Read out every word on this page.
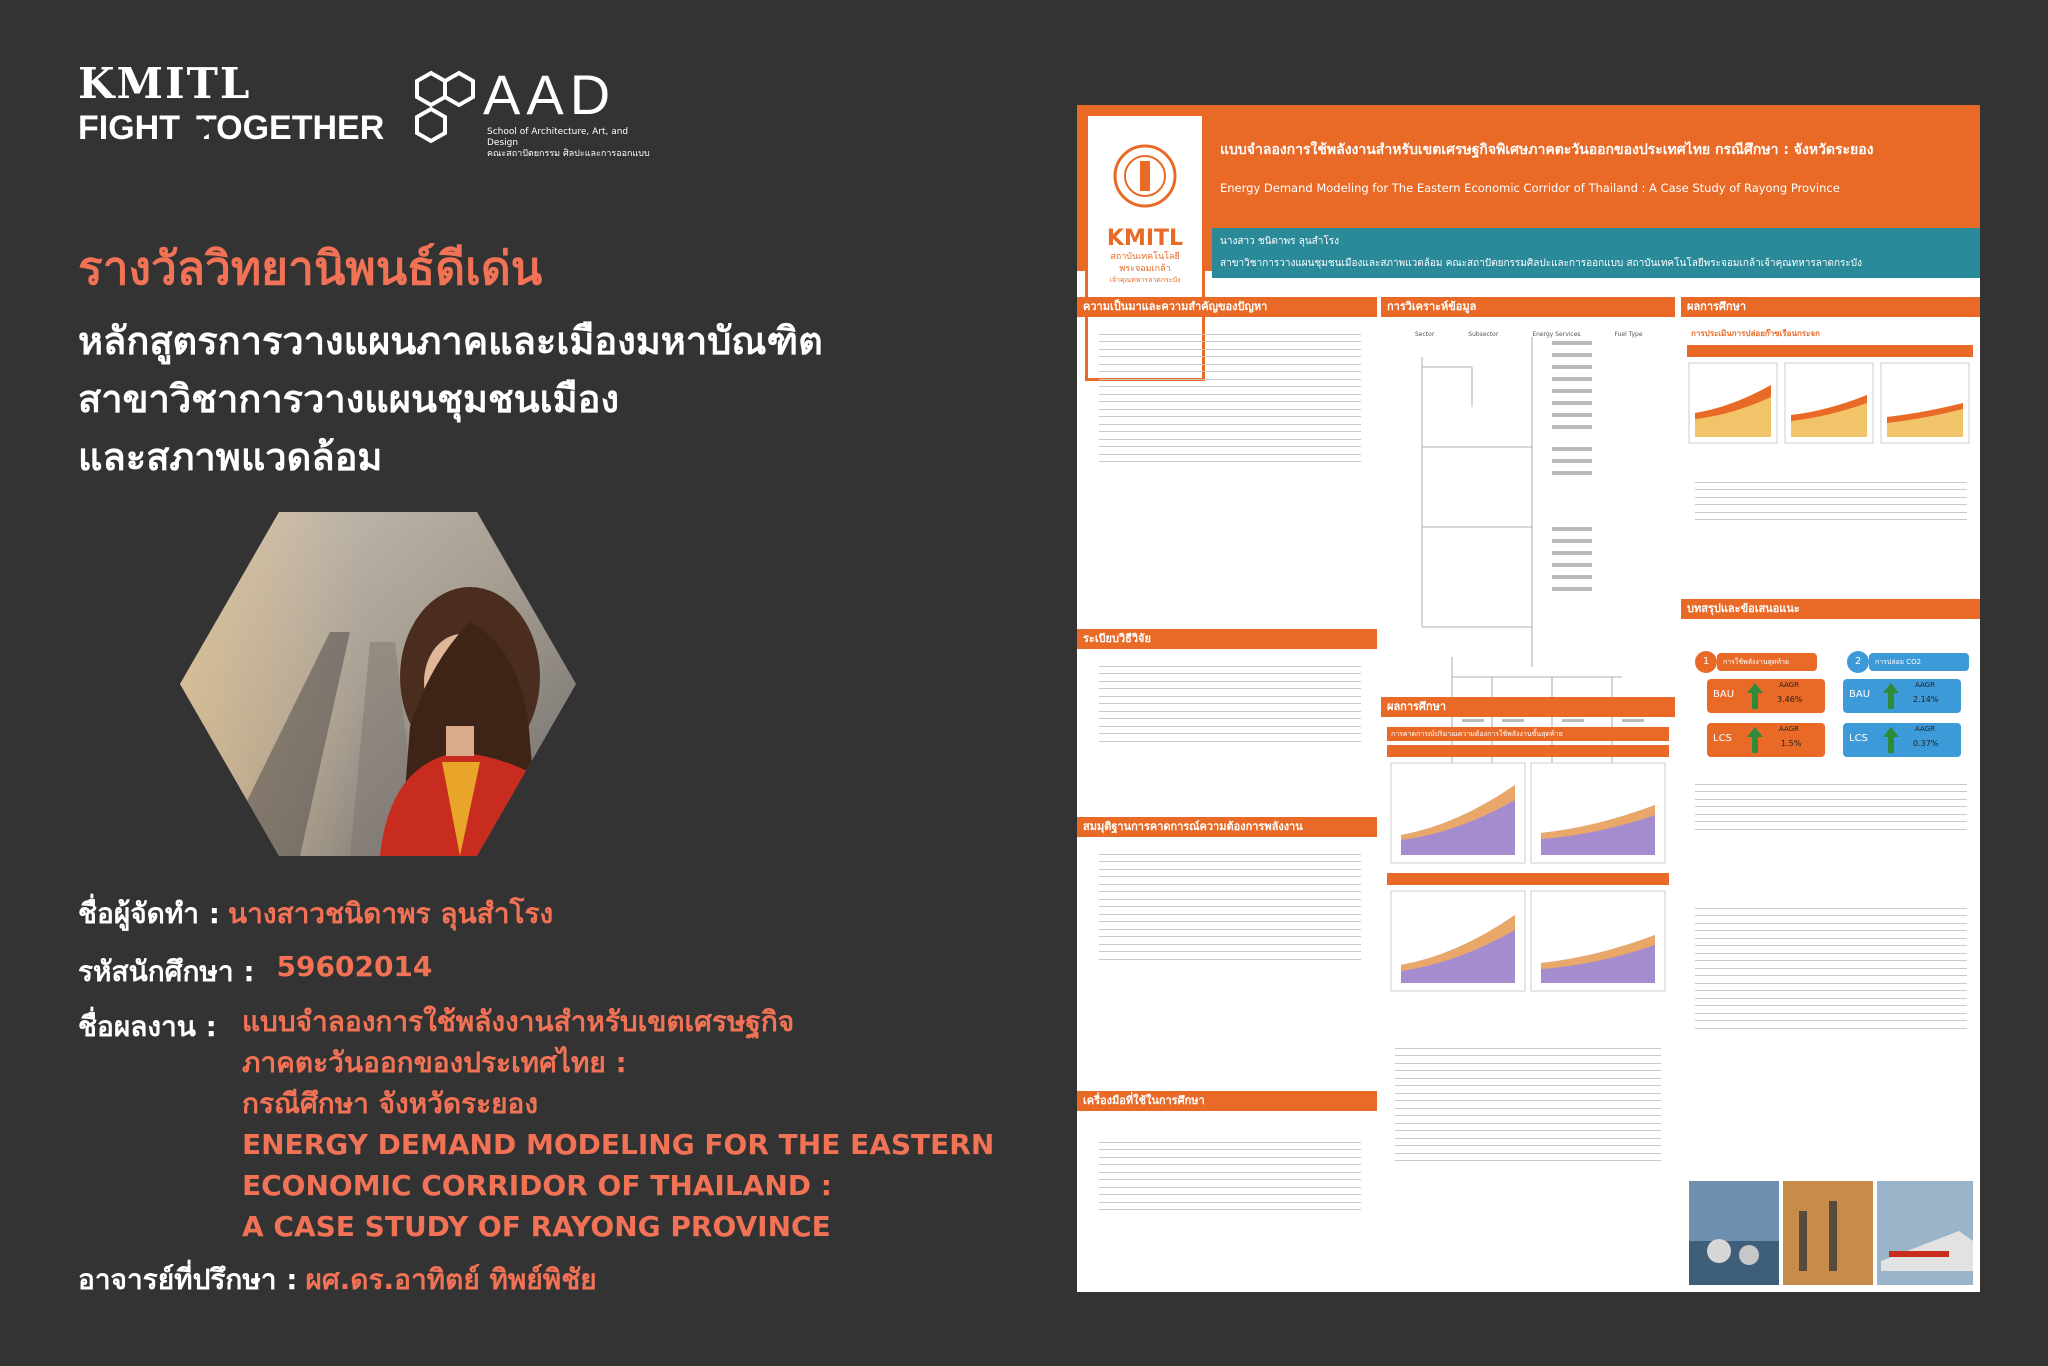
KMITL
FIGHT TOGETHER
AAD
School of Architecture, Art, and Design
คณะสถาปัตยกรรม ศิลปะและการออกแบบ
รางวัลวิทยานิพนธ์ดีเด่น
หลักสูตรการวางแผนภาคและเมืองมหาบัณฑิต
สาขาวิชาการวางแผนชุมชนเมือง
และสภาพแวดล้อม
ชื่อผู้จัดทำ : นางสาวชนิดาพร ลุนสำโรง
รหัสนักศึกษา : 59602014
ชื่อผลงาน : แบบจำลองการใช้พลังงานสำหรับเขตเศรษฐกิจ
ภาคตะวันออกของประเทศไทย :
กรณีศึกษา จังหวัดระยอง
ENERGY DEMAND MODELING FOR THE EASTERN
ECONOMIC CORRIDOR OF THAILAND :
A CASE STUDY OF RAYONG PROVINCE
อาจารย์ที่ปรึกษา : ผศ.ดร.อาทิตย์ ทิพย์พิชัย
KMITL
สถาบันเทคโนโลยี พระจอมเกล้า
เจ้าคุณทหารลาดกระบัง
แบบจำลองการใช้พลังงานสำหรับเขตเศรษฐกิจพิเศษภาคตะวันออกของประเทศไทย กรณีศึกษา : จังหวัดระยอง
Energy Demand Modeling for The Eastern Economic Corridor of Thailand : A Case Study of Rayong Province
นางสาว ชนิดาพร ลุนสำโรง
สาขาวิชาการวางแผนชุมชนเมืองและสภาพแวดล้อม คณะสถาปัตยกรรมศิลปะและการออกแบบ สถาบันเทคโนโลยีพระจอมเกล้าเจ้าคุณทหารลาดกระบัง
ความเป็นมาและความสำคัญของปัญหา
ระเบียบวิธีวิจัย
สมมุติฐานการคาดการณ์ความต้องการพลังงาน
เครื่องมือที่ใช้ในการศึกษา
การวิเคราะห์ข้อมูล
Sector	Subsector	Energy Services	Fuel Type
ผลการศึกษา
การคาดการณ์ปริมาณความต้องการใช้พลังงานขั้นสุดท้าย
ผลการศึกษา
การประเมินการปล่อยก๊าซเรือนกระจก
บทสรุปและข้อเสนอแนะ
1	การใช้พลังงานสุดท้าย	2	การปล่อย CO2
BAU
AAGR
3.46%
LCS
AAGR
1.5%
BAU
AAGR
2.14%
LCS
AAGR
0.37%
